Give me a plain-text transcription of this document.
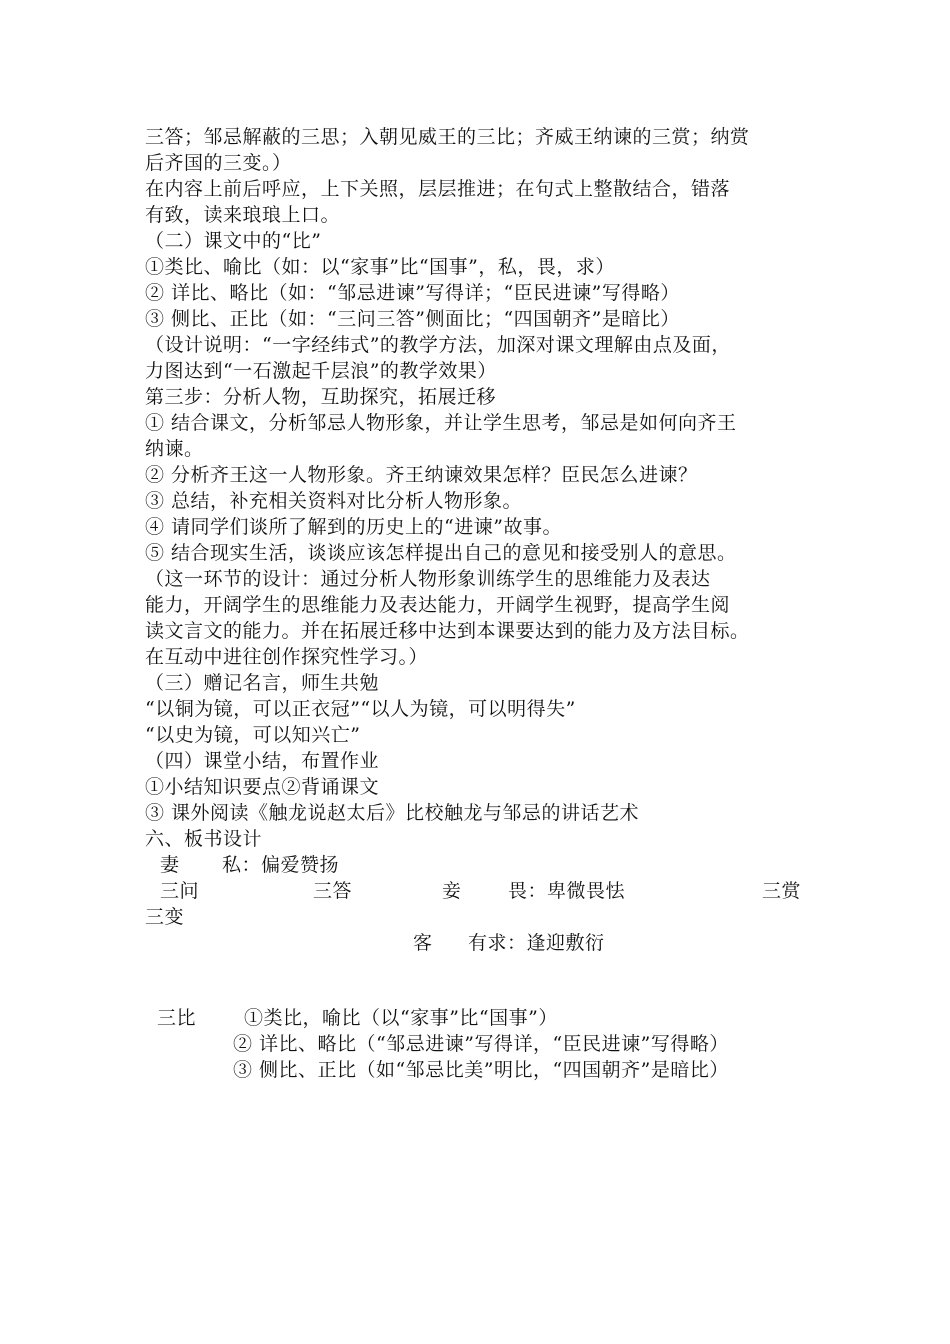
三答；邹忌解蔽的三思；入朝见威王的三比；齐威王纳谏的三赏；纳赏
后齐国的三变。）
在内容上前后呼应，上下关照，层层推进；在句式上整散结合，错落
有致，读来琅琅上口。
（二）课文中的“比”
①类比、喻比（如：以“家事”比“国事”，私，畏，求）
② 详比、略比（如：“邹忌进谏”写得详；“臣民进谏”写得略）
③ 侧比、正比（如：“三问三答”侧面比；“四国朝齐”是暗比）
（设计说明：“一字经纬式”的教学方法，加深对课文理解由点及面，
力图达到“一石激起千层浪”的教学效果）
第三步：分析人物，互助探究，拓展迁移
① 结合课文，分析邹忌人物形象，并让学生思考，邹忌是如何向齐王
纳谏。
② 分析齐王这一人物形象。齐王纳谏效果怎样？臣民怎么进谏？
③ 总结，补充相关资料对比分析人物形象。
④ 请同学们谈所了解到的历史上的“进谏”故事。
⑤ 结合现实生活，谈谈应该怎样提出自己的意见和接受别人的意思。
（这一环节的设计：通过分析人物形象训练学生的思维能力及表达
能力，开阔学生的思维能力及表达能力，开阔学生视野，提高学生阅
读文言文的能力。并在拓展迁移中达到本课要达到的能力及方法目标。
在互动中进往创作探究性学习。）
（三）赠记名言，师生共勉
“以铜为镜，可以正衣冠”“以人为镜，可以明得失”
“以史为镜，可以知兴亡”
（四）课堂小结，布置作业
①小结知识要点②背诵课文
③ 课外阅读《触龙说赵太后》比校触龙与邹忌的讲话艺术
六、板书设计
妻 私：偏爱赞扬
三问	三答	妾 畏：卑微畏怯	三赏
三变
客 有求：逢迎敷衍
三比	①类比，喻比（以“家事”比“国事”）
② 详比、略比（“邹忌进谏”写得详，“臣民进谏”写得略）
③ 侧比、正比（如“邹忌比美”明比，“四国朝齐”是暗比）
